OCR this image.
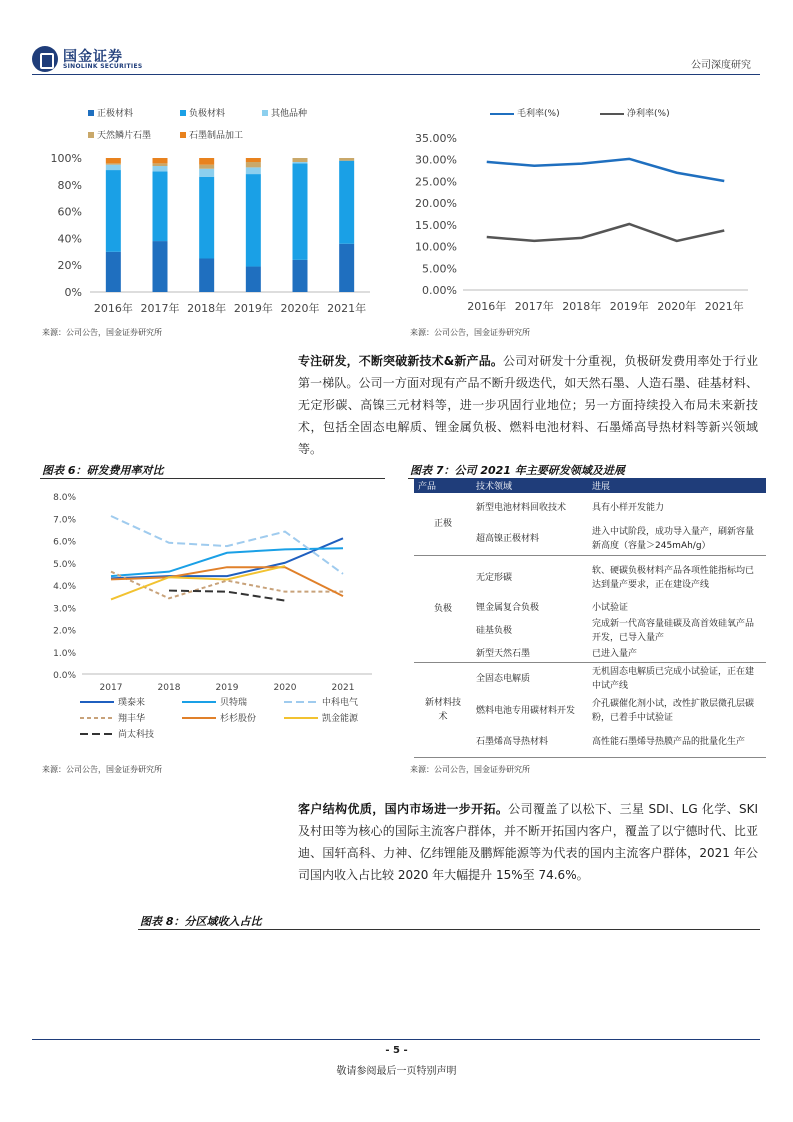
国金证券
SINOLINK SECURITIES	公司深度研究
正极材料	负极材料	其他品种
天然鳞片石墨	石墨制品加工
0%
20%
40%
60%
80%
100%
2016年 2017年 2018年 2019年 2020年 2021年
来源：公司公告，国金证券研究所
毛利率(%)	净利率(%)
0.00%
5.00%
10.00%
15.00%
20.00%
25.00%
30.00%
35.00%
2016年 2017年 2018年 2019年 2020年 2021年
来源：公司公告，国金证券研究所
专注研发，不断突破新技术&新产品。公司对研发十分重视，负极研发费用率处于行业第一梯队。公司一方面对现有产品不断升级迭代，如天然石墨、人造石墨、硅基材料、无定形碳、高镍三元材料等，进一步巩固行业地位；另一方面持续投入布局未来新技术，包括全固态电解质、锂金属负极、燃料电池材料、石墨烯高导热材料等新兴领域等。
图表 6：研发费用率对比
0.0%
1.0%
2.0%
3.0%
4.0%
5.0%
6.0%
7.0%
8.0%
2017	2018	2019	2020	2021
璞泰来	贝特瑞	中科电气
翔丰华	杉杉股份	凯金能源
尚太科技
来源：公司公告，国金证券研究所
图表 7：公司 2021 年主要研发领域及进展
产品	技术领域	进展
正极	新型电池材料回收技术	具有小样开发能力
	超高镍正极材料	进入中试阶段，成功导入量产，刷新容量新高度（容量＞245mAh/g）
负极	无定形碳	软、硬碳负极材料产品各项性能指标均已达到量产要求，正在建设产线
	锂金属复合负极	小试验证
	硅基负极	完成新一代高容量硅碳及高首效硅氧产品开发，已导入量产
	新型天然石墨	已进入量产
新材料技术	全固态电解质	无机固态电解质已完成小试验证，正在建中试产线
	燃料电池专用碳材料开发	介孔碳催化剂小试，改性扩散层微孔层碳粉，已着手中试验证
	石墨烯高导热材料	高性能石墨烯导热膜产品的批量化生产
来源：公司公告，国金证券研究所
客户结构优质，国内市场进一步开拓。公司覆盖了以松下、三星 SDI、LG 化学、SKI 及村田等为核心的国际主流客户群体，并不断开拓国内客户，覆盖了以宁德时代、比亚迪、国轩高科、力神、亿纬锂能及鹏辉能源等为代表的国内主流客户群体，2021 年公司国内收入占比较 2020 年大幅提升 15%至 74.6%。
图表 8：分区域收入占比
- 5 -
敬请参阅最后一页特别声明
